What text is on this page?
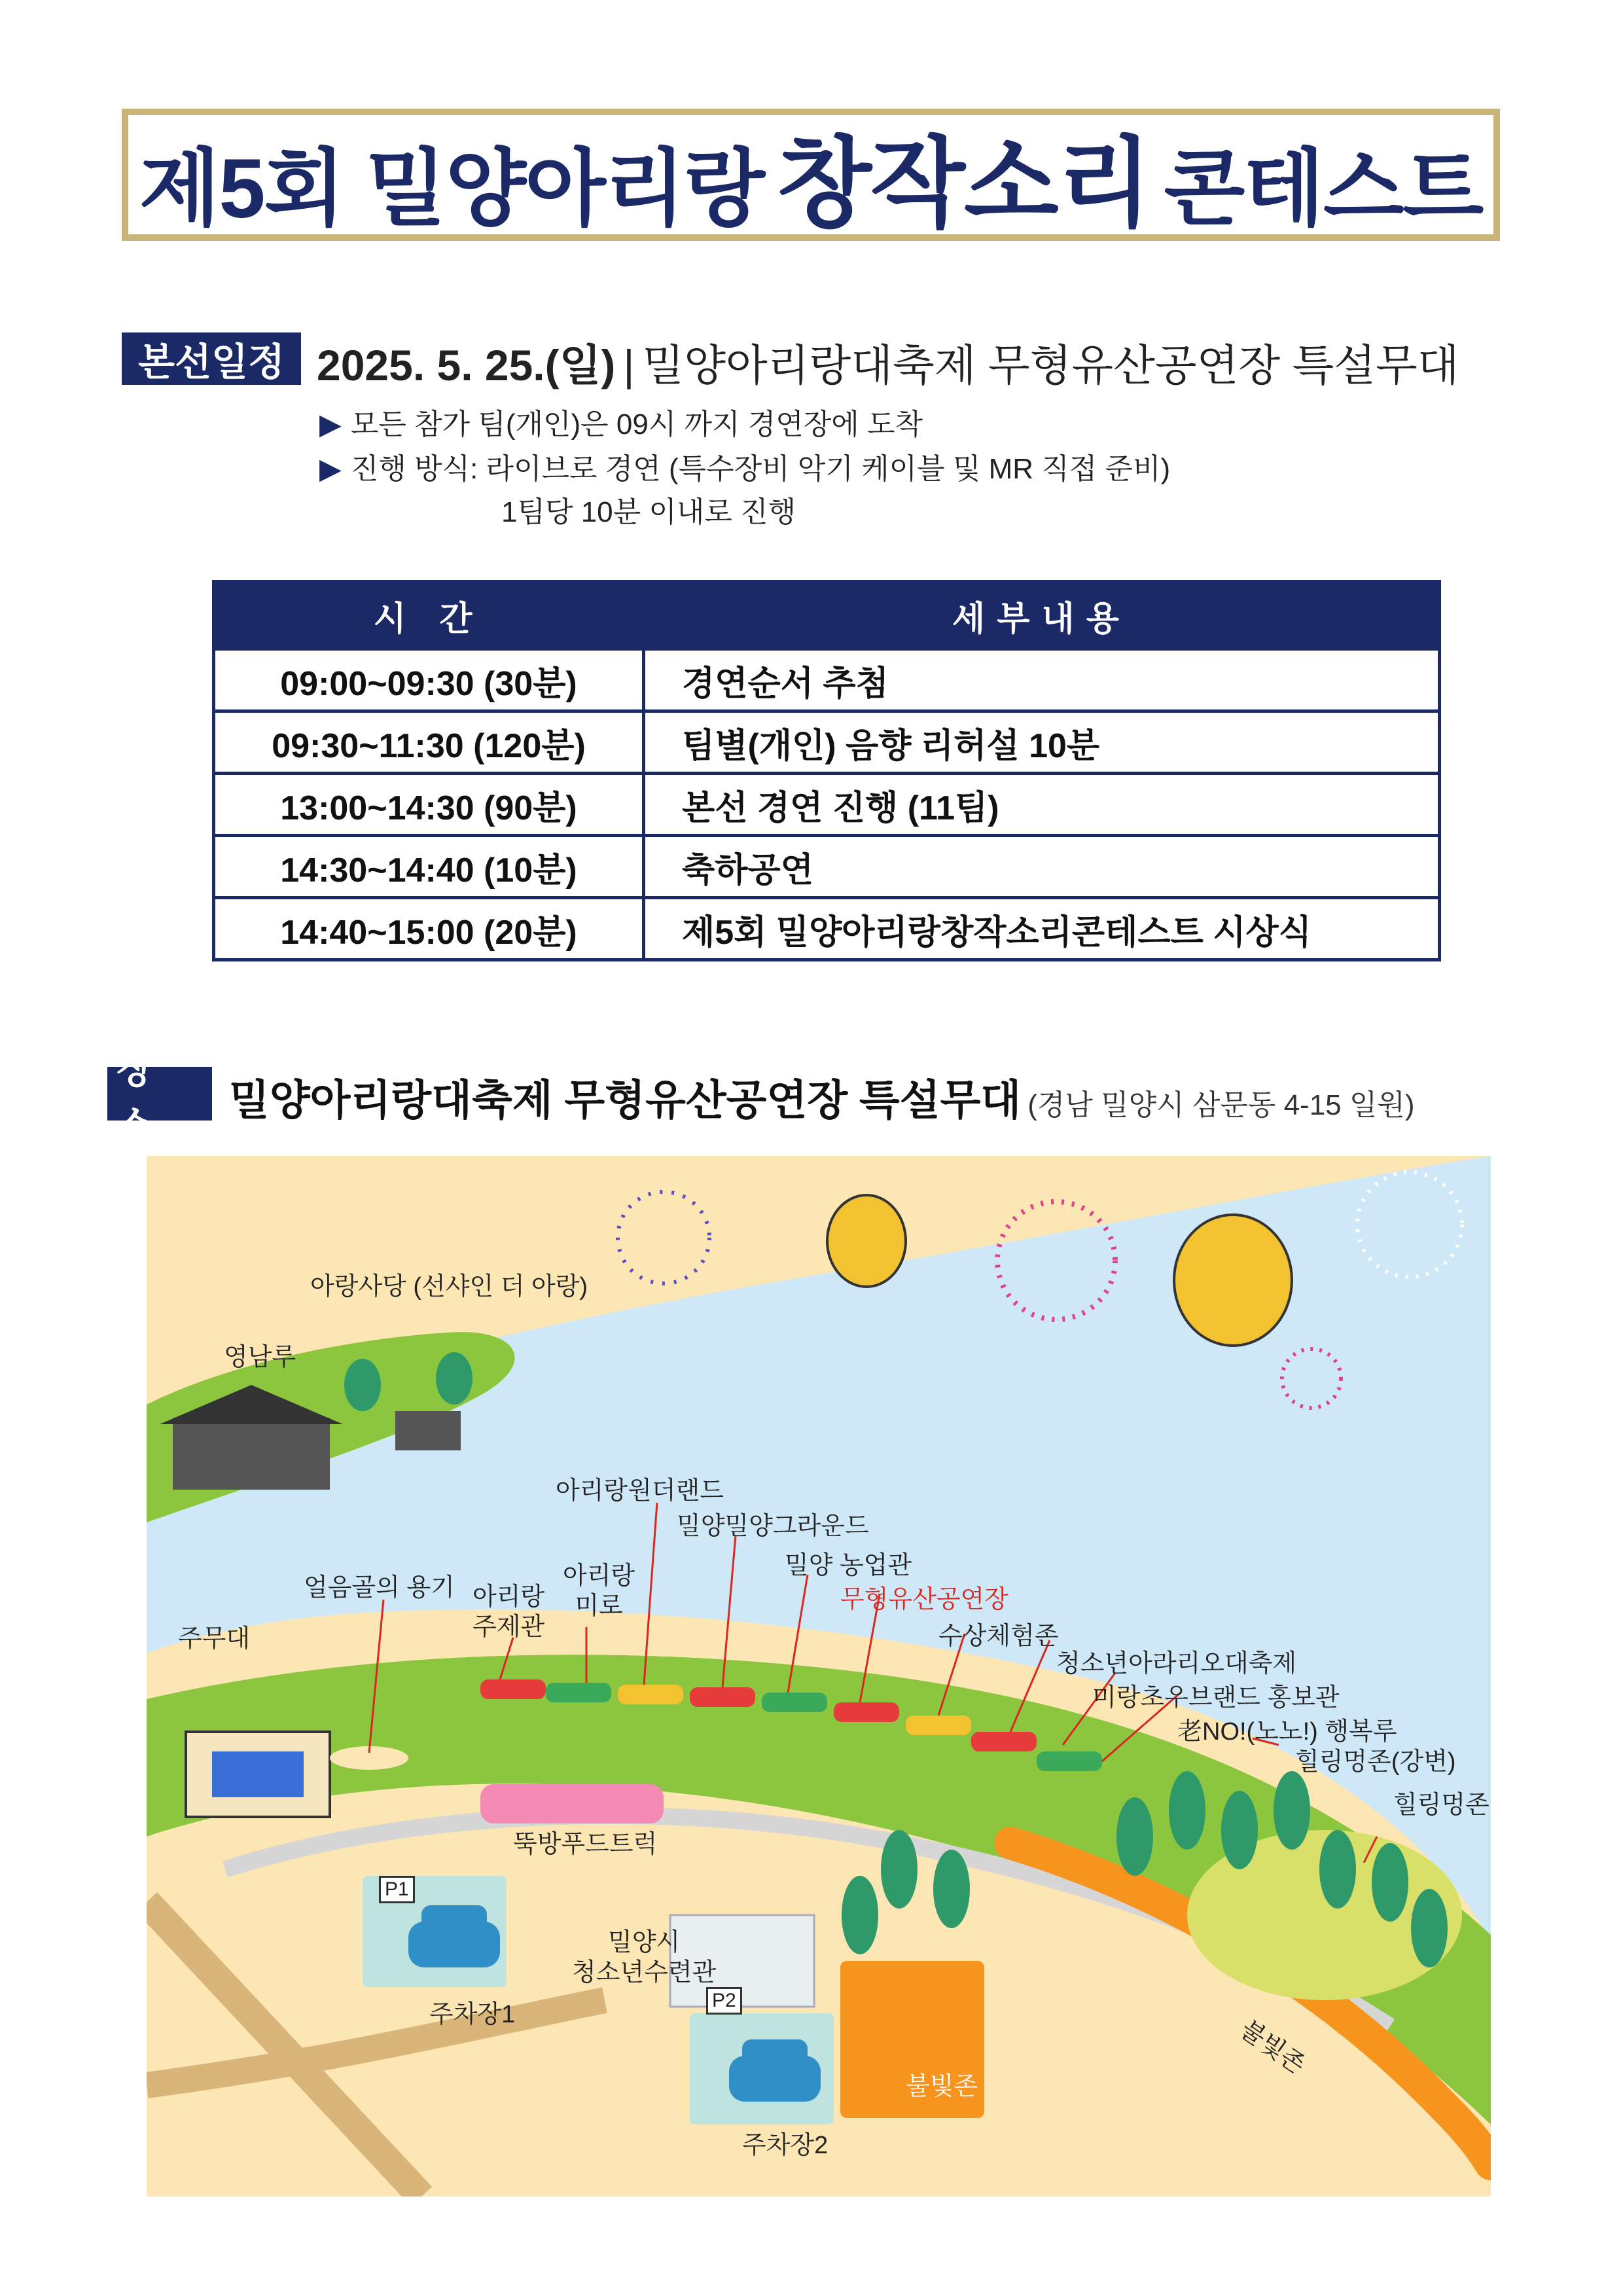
제5회 밀양아리랑 창작소리 콘테스트
본선일정 2025. 5. 25.(일) | 밀양아리랑대축제 무형유산공연장 특설무대
▶ 모든 참가 팀(개인)은 09시 까지 경연장에 도착
▶ 진행 방식: 라이브로 경연 (특수장비 악기 케이블 및 MR 직접 준비)
1팀당 10분 이내로 진행
시 간	세부내용
09:00~09:30 (30분)	경연순서 추첨
09:30~11:30 (120분)	팀별(개인) 음향 리허설 10분
13:00~14:30 (90분)	본선 경연 진행 (11팀)
14:30~14:40 (10분)	축하공연
14:40~15:00 (20분)	제5회 밀양아리랑창작소리콘테스트 시상식
장 소
밀양아리랑대축제 무형유산공연장 특설무대 (경남 밀양시 삼문동 4-15 일원)
아랑사당 (선샤인 더 아랑)
영남루
아리랑원더랜드
밀양밀양그라운드
밀양 농업관
무형유산공연장
수상체험존
청소년아라리오대축제
미랑초우브랜드 홍보관
老NO!(노노!) 행복루
힐링멍존(강변)
힐링멍존
얼음골의 용기 아리랑
주제관
아리랑
미로
주무대
뚝방푸드트럭
P1
주차장1
밀양시
청소년수련관
P2
주차장2
불빛존
불빛존
